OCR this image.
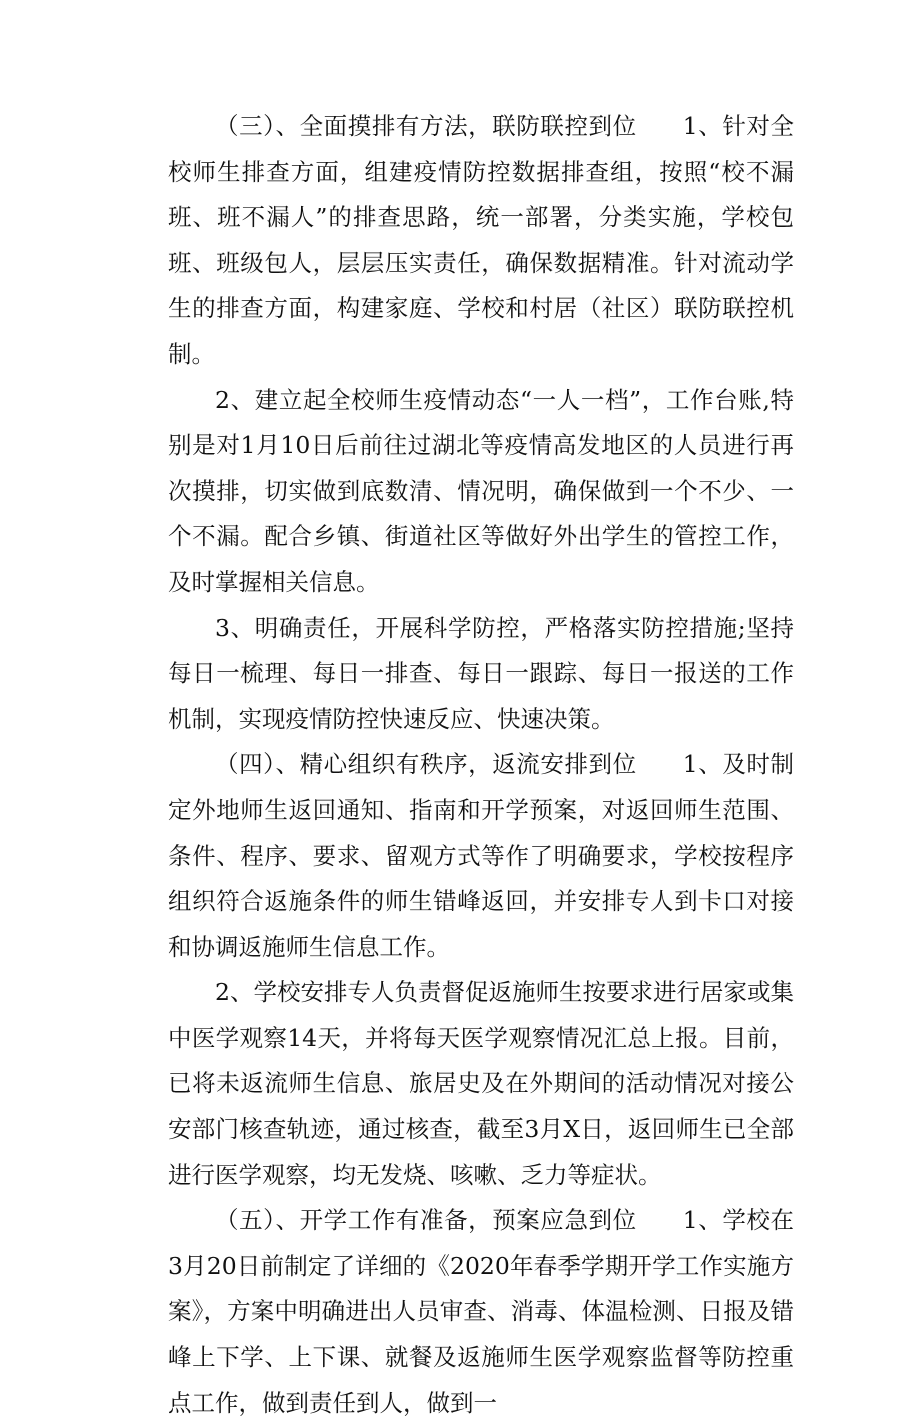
（三）、全面摸排有方法，联防联控到位 1、针对全校师生排查方面，组建疫情防控数据排查组，按照“校不漏班、班不漏人”的排查思路，统一部署，分类实施，学校包班、班级包人，层层压实责任，确保数据精准。针对流动学生的排查方面，构建家庭、学校和村居（社区）联防联控机制。

2、建立起全校师生疫情动态“一人一档”，工作台账,特别是对1月10日后前往过湖北等疫情高发地区的人员进行再次摸排，切实做到底数清、情况明，确保做到一个不少、一个不漏。配合乡镇、街道社区等做好外出学生的管控工作，及时掌握相关信息。

3、明确责任，开展科学防控，严格落实防控措施;坚持每日一梳理、每日一排查、每日一跟踪、每日一报送的工作机制，实现疫情防控快速反应、快速决策。

（四）、精心组织有秩序，返流安排到位 1、及时制定外地师生返回通知、指南和开学预案，对返回师生范围、条件、程序、要求、留观方式等作了明确要求，学校按程序组织符合返施条件的师生错峰返回，并安排专人到卡口对接和协调返施师生信息工作。

2、学校安排专人负责督促返施师生按要求进行居家或集中医学观察14天，并将每天医学观察情况汇总上报。目前，已将未返流师生信息、旅居史及在外期间的活动情况对接公安部门核查轨迹，通过核查，截至3月X日，返回师生已全部进行医学观察，均无发烧、咳嗽、乏力等症状。

（五）、开学工作有准备，预案应急到位 1、学校在3月20日前制定了详细的《2020年春季学期开学工作实施方案》，方案中明确进出人员审查、消毒、体温检测、日报及错峰上下学、上下课、就餐及返施师生医学观察监督等防控重点工作，做到责任到人，做到一
